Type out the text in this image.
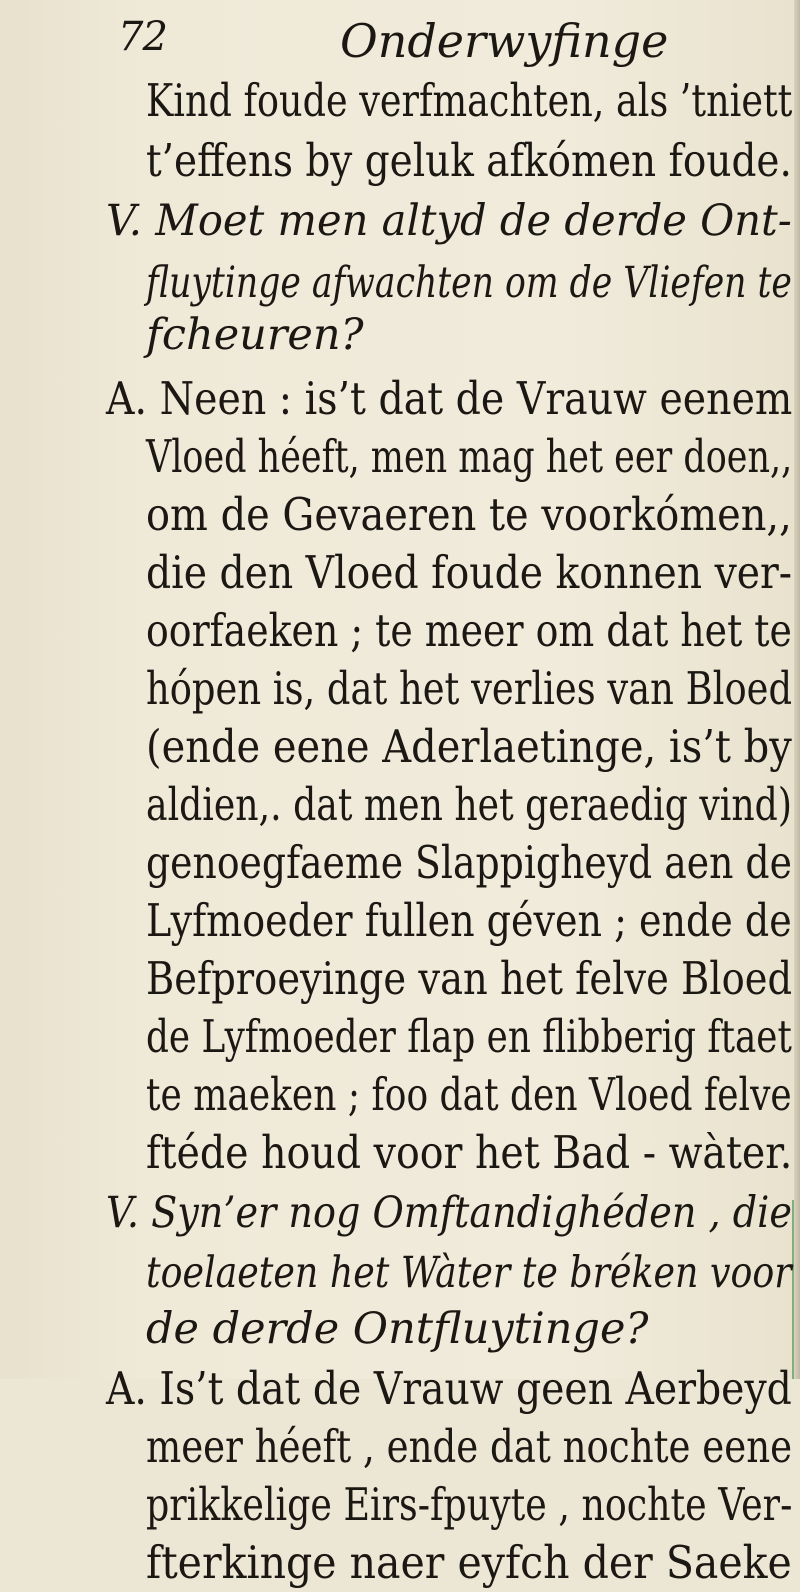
72	Onderwyfinge
Kind foude verfmachten, als ’tniett
t’effens by geluk afkómen foude.
V. Moet men altyd de derde Ont-
fluytinge afwachten om de Vliefen te
fcheuren?
A. Neen : is’t dat de Vrauw eenem
Vloed héeft, men mag het eer doen,,
om de Gevaeren te voorkómen,,
die den Vloed foude konnen ver-
oorfaeken ; te meer om dat het te
hópen is, dat het verlies van Bloed
(ende eene Aderlaetinge, is’t by
aldien,. dat men het geraedig vind)
genoegfaeme Slappigheyd aen de
Lyfmoeder fullen géven ; ende de
Befproeyinge van het felve Bloed
de Lyfmoeder flap en flibberig ftaet
te maeken ; foo dat den Vloed felve
ftéde houd voor het Bad - wàter.
V. Syn’er nog Omftandighéden , die
toelaeten het Wàter te bréken voor
de derde Ontfluytinge?
A. Is’t dat de Vrauw geen Aerbeyd
meer héeft , ende dat nochte eene
prikkelige Eirs-fpuyte , nochte Ver-
fterkinge naer eyfch der Saeke
